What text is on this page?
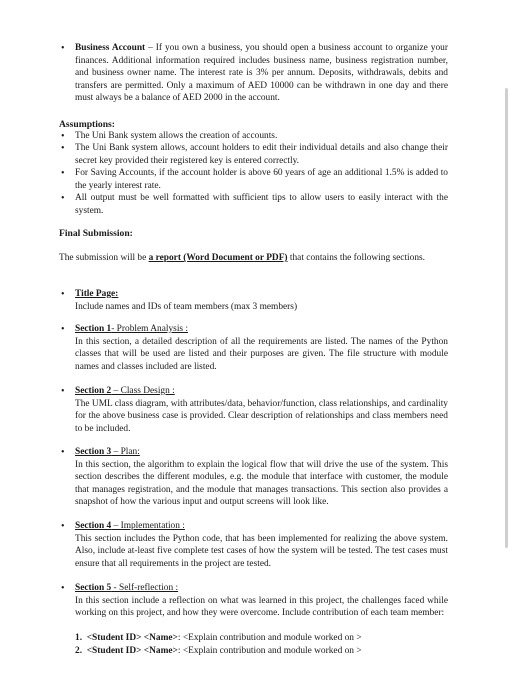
• Business Account – If you own a business, you should open a business account to organize your finances. Additional information required includes business name, business registration number, and business owner name. The interest rate is 3% per annum. Deposits, withdrawals, debits and transfers are permitted. Only a maximum of AED 10000 can be withdrawn in one day and there must always be a balance of AED 2000 in the account.
Assumptions:
• The Uni Bank system allows the creation of accounts.
• The Uni Bank system allows, account holders to edit their individual details and also change their secret key provided their registered key is entered correctly.
• For Saving Accounts, if the account holder is above 60 years of age an additional 1.5% is added to the yearly interest rate.
• All output must be well formatted with sufficient tips to allow users to easily interact with the system.
Final Submission:
The submission will be a report (Word Document or PDF) that contains the following sections.
• Title Page:
Include names and IDs of team members (max 3 members)
• Section 1- Problem Analysis :
In this section, a detailed description of all the requirements are listed. The names of the Python classes that will be used are listed and their purposes are given. The file structure with module names and classes included are listed.
• Section 2 – Class Design :
The UML class diagram, with attributes/data, behavior/function, class relationships, and cardinality for the above business case is provided. Clear description of relationships and class members need to be included.
• Section 3 – Plan:
In this section, the algorithm to explain the logical flow that will drive the use of the system. This section describes the different modules, e.g. the module that interface with customer, the module that manages registration, and the module that manages transactions. This section also provides a snapshot of how the various input and output screens will look like.
• Section 4 – Implementation :
This section includes the Python code, that has been implemented for realizing the above system. Also, include at-least five complete test cases of how the system will be tested. The test cases must ensure that all requirements in the project are tested.
• Section 5 - Self-reflection :
In this section include a reflection on what was learned in this project, the challenges faced while working on this project, and how they were overcome. Include contribution of each team member:
1. <Student ID> <Name>: <Explain contribution and module worked on >
2. <Student ID> <Name>: <Explain contribution and module worked on >
